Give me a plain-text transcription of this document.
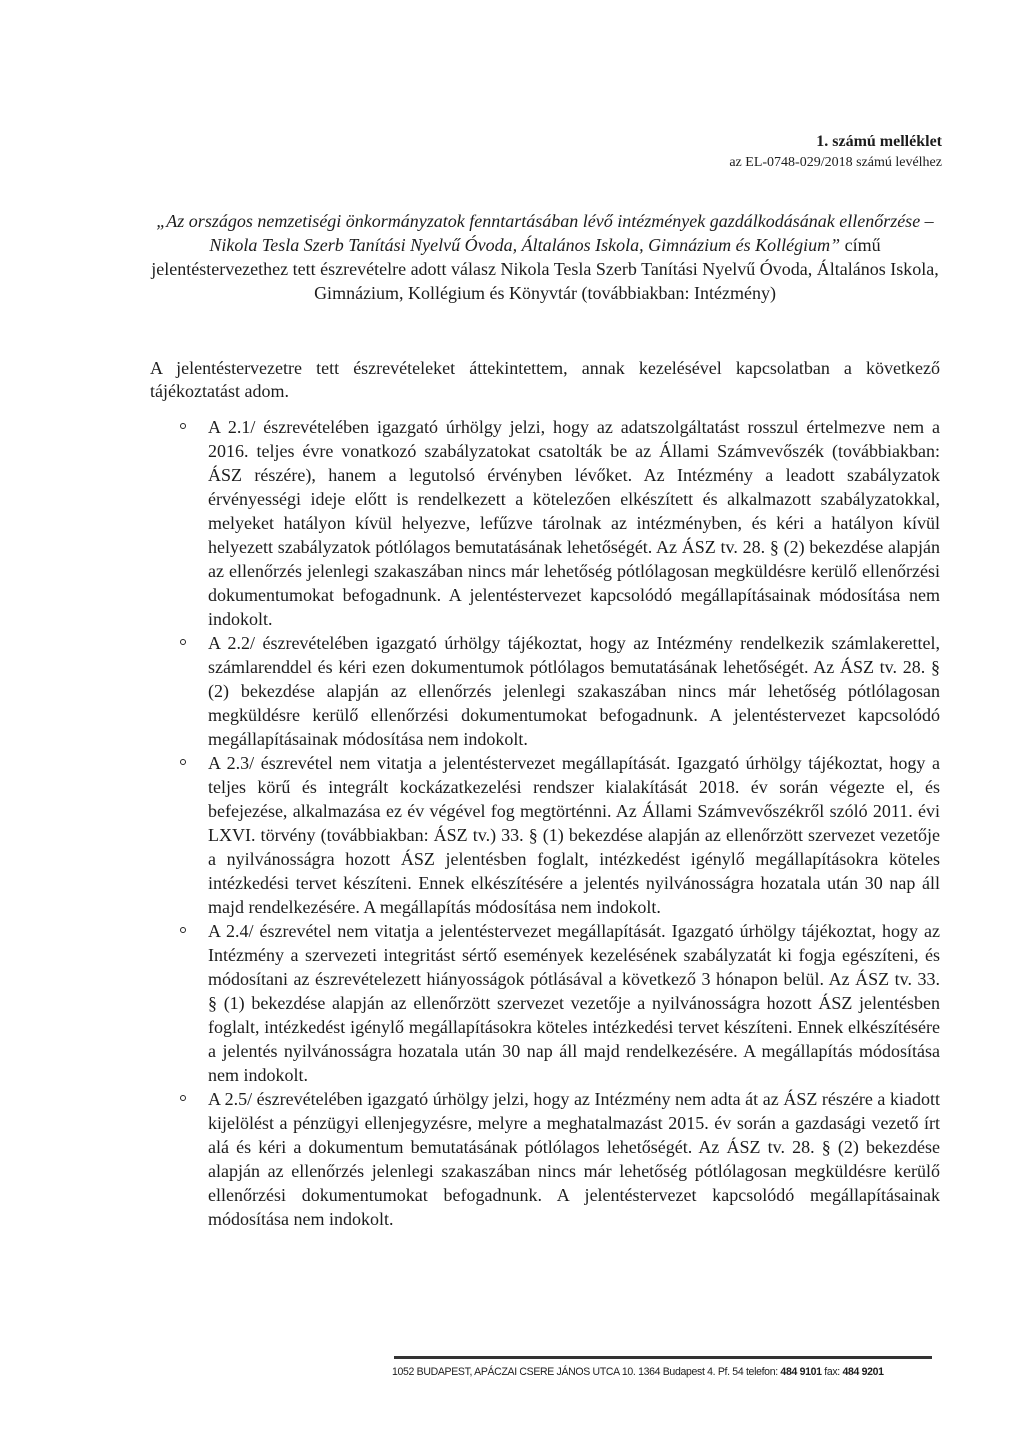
1. számú melléklet
az EL-0748-029/2018 számú levélhez
„Az országos nemzetiségi önkormányzatok fenntartásában lévő intézmények gazdálkodásának ellenőrzése – Nikola Tesla Szerb Tanítási Nyelvű Óvoda, Általános Iskola, Gimnázium és Kollégium” című jelentéstervezethez tett észrevételre adott válasz Nikola Tesla Szerb Tanítási Nyelvű Óvoda, Általános Iskola, Gimnázium, Kollégium és Könyvtár (továbbiakban: Intézmény)

A jelentéstervezetre tett észrevételeket áttekintettem, annak kezelésével kapcsolatban a következő tájékoztatást adom.

A 2.1/ észrevételében igazgató úrhölgy jelzi, hogy az adatszolgáltatást rosszul értelmezve nem a 2016. teljes évre vonatkozó szabályzatokat csatolták be az Állami Számvevőszék (továbbiakban: ÁSZ részére), hanem a legutolsó érvényben lévőket. Az Intézmény a leadott szabályzatok érvényességi ideje előtt is rendelkezett a kötelezően elkészített és alkalmazott szabályzatokkal, melyeket hatályon kívül helyezve, lefűzve tárolnak az intézményben, és kéri a hatályon kívül helyezett szabályzatok pótlólagos bemutatásának lehetőségét. Az ÁSZ tv. 28. § (2) bekezdése alapján az ellenőrzés jelenlegi szakaszában nincs már lehetőség pótlólagosan megküldésre kerülő ellenőrzési dokumentumokat befogadnunk. A jelentéstervezet kapcsolódó megállapításainak módosítása nem indokolt.
A 2.2/ észrevételében igazgató úrhölgy tájékoztat, hogy az Intézmény rendelkezik számlakerettel, számlarenddel és kéri ezen dokumentumok pótlólagos bemutatásának lehetőségét. Az ÁSZ tv. 28. § (2) bekezdése alapján az ellenőrzés jelenlegi szakaszában nincs már lehetőség pótlólagosan megküldésre kerülő ellenőrzési dokumentumokat befogadnunk. A jelentéstervezet kapcsolódó megállapításainak módosítása nem indokolt.
A 2.3/ észrevétel nem vitatja a jelentéstervezet megállapítását. Igazgató úrhölgy tájékoztat, hogy a teljes körű és integrált kockázatkezelési rendszer kialakítását 2018. év során végezte el, és befejezése, alkalmazása ez év végével fog megtörténni. Az Állami Számvevőszékről szóló 2011. évi LXVI. törvény (továbbiakban: ÁSZ tv.) 33. § (1) bekezdése alapján az ellenőrzött szervezet vezetője a nyilvánosságra hozott ÁSZ jelentésben foglalt, intézkedést igénylő megállapításokra köteles intézkedési tervet készíteni. Ennek elkészítésére a jelentés nyilvánosságra hozatala után 30 nap áll majd rendelkezésére. A megállapítás módosítása nem indokolt.
A 2.4/ észrevétel nem vitatja a jelentéstervezet megállapítását. Igazgató úrhölgy tájékoztat, hogy az Intézmény a szervezeti integritást sértő események kezelésének szabályzatát ki fogja egészíteni, és módosítani az észrevételezett hiányosságok pótlásával a következő 3 hónapon belül. Az ÁSZ tv. 33. § (1) bekezdése alapján az ellenőrzött szervezet vezetője a nyilvánosságra hozott ÁSZ jelentésben foglalt, intézkedést igénylő megállapításokra köteles intézkedési tervet készíteni. Ennek elkészítésére a jelentés nyilvánosságra hozatala után 30 nap áll majd rendelkezésére. A megállapítás módosítása nem indokolt.
A 2.5/ észrevételében igazgató úrhölgy jelzi, hogy az Intézmény nem adta át az ÁSZ részére a kiadott kijelölést a pénzügyi ellenjegyzésre, melyre a meghatalmazást 2015. év során a gazdasági vezető írt alá és kéri a dokumentum bemutatásának pótlólagos lehetőségét. Az ÁSZ tv. 28. § (2) bekezdése alapján az ellenőrzés jelenlegi szakaszában nincs már lehetőség pótlólagosan megküldésre kerülő ellenőrzési dokumentumokat befogadnunk. A jelentéstervezet kapcsolódó megállapításainak módosítása nem indokolt.
1052 BUDAPEST, APÁCZAI CSERE JÁNOS UTCA 10. 1364 Budapest 4. Pf. 54 telefon: 484 9101 fax: 484 9201
